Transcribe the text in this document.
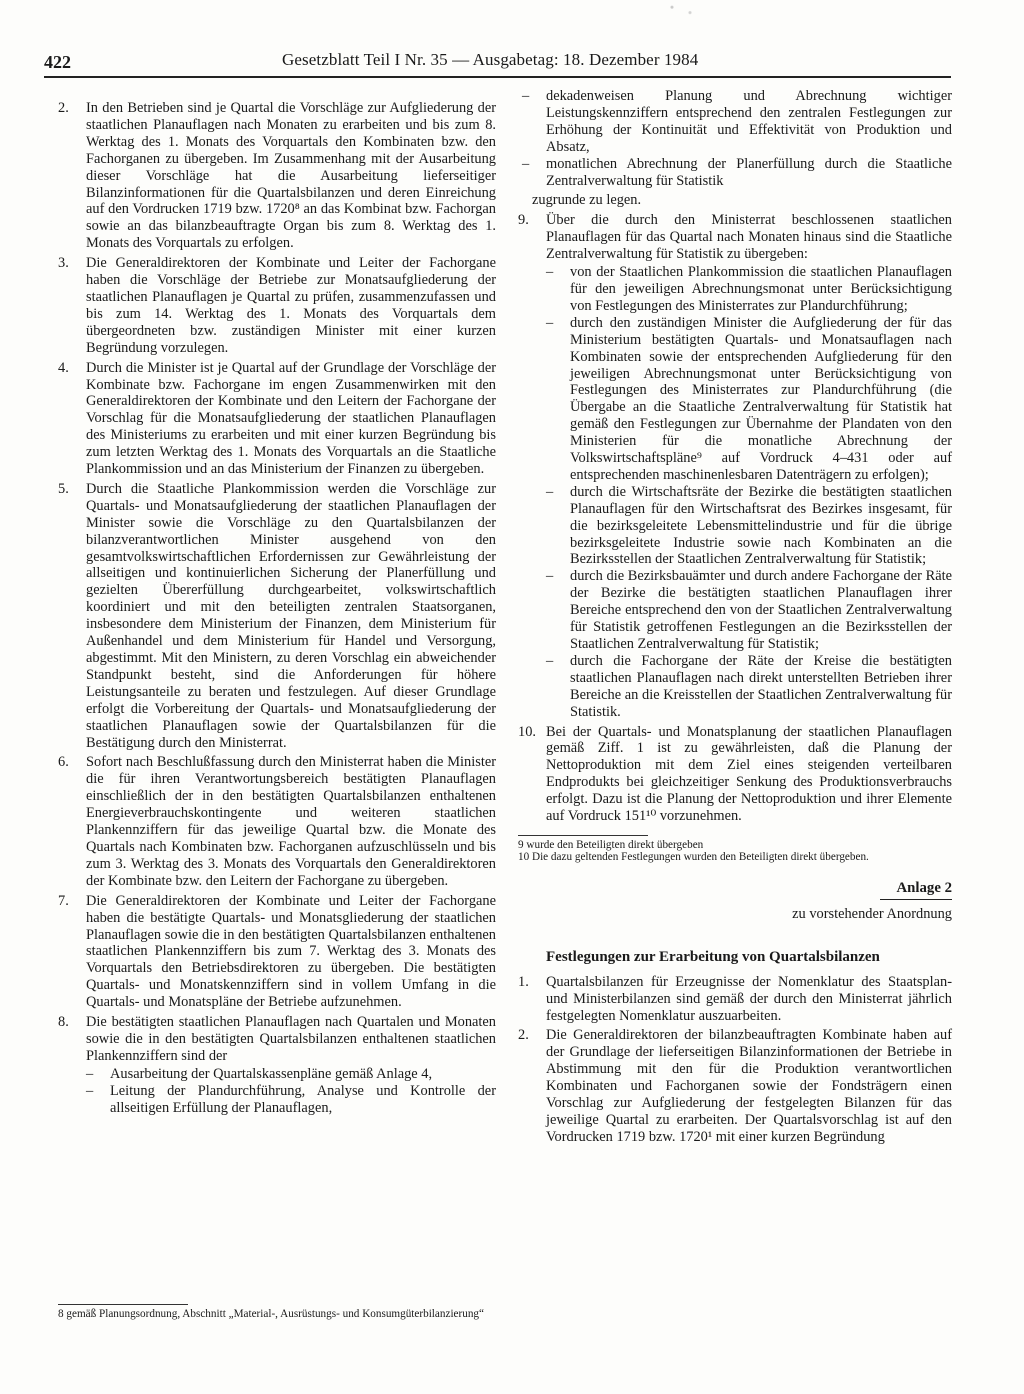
422	Gesetzblatt Teil I Nr. 35 — Ausgabetag: 18. Dezember 1984
2. In den Betrieben sind je Quartal die Vorschläge zur Aufgliederung der staatlichen Planauflagen nach Monaten zu erarbeiten und bis zum 8. Werktag des 1. Monats des Vorquartals den Kombinaten bzw. den Fachorganen zu übergeben. Im Zusammenhang mit der Ausarbeitung dieser Vorschläge hat die Ausarbeitung lieferseitiger Bilanzinformationen für die Quartalsbilanzen und deren Einreichung auf den Vordrucken 1719 bzw. 1720⁸ an das Kombinat bzw. Fachorgan sowie an das bilanzbeauftragte Organ bis zum 8. Werktag des 1. Monats des Vorquartals zu erfolgen.

3. Die Generaldirektoren der Kombinate und Leiter der Fachorgane haben die Vorschläge der Betriebe zur Monatsaufgliederung der staatlichen Planauflagen je Quartal zu prüfen, zusammenzufassen und bis zum 14. Werktag des 1. Monats des Vorquartals dem übergeordneten bzw. zuständigen Minister mit einer kurzen Begründung vorzulegen.

4. Durch die Minister ist je Quartal auf der Grundlage der Vorschläge der Kombinate bzw. Fachorgane im engen Zusammenwirken mit den Generaldirektoren der Kombinate und den Leitern der Fachorgane der Vorschlag für die Monatsaufgliederung der staatlichen Planauflagen des Ministeriums zu erarbeiten und mit einer kurzen Begründung bis zum letzten Werktag des 1. Monats des Vorquartals an die Staatliche Plankommission und an das Ministerium der Finanzen zu übergeben.

5. Durch die Staatliche Plankommission werden die Vorschläge zur Quartals- und Monatsaufgliederung der staatlichen Planauflagen der Minister sowie die Vorschläge zu den Quartalsbilanzen der bilanzverantwortlichen Minister ausgehend von den gesamtvolkswirtschaftlichen Erfordernissen zur Gewährleistung der allseitigen und kontinuierlichen Sicherung der Planerfüllung und gezielten Übererfüllung durchgearbeitet, volkswirtschaftlich koordiniert und mit den beteiligten zentralen Staatsorganen, insbesondere dem Ministerium der Finanzen, dem Ministerium für Außenhandel und dem Ministerium für Handel und Versorgung, abgestimmt. Mit den Ministern, zu deren Vorschlag ein abweichender Standpunkt besteht, sind die Anforderungen für höhere Leistungsanteile zu beraten und festzulegen. Auf dieser Grundlage erfolgt die Vorbereitung der Quartals- und Monatsaufgliederung der staatlichen Planauflagen sowie der Quartalsbilanzen für die Bestätigung durch den Ministerrat.

6. Sofort nach Beschlußfassung durch den Ministerrat haben die Minister die für ihren Verantwortungsbereich bestätigten Planauflagen einschließlich der in den bestätigten Quartalsbilanzen enthaltenen Energieverbrauchskontingente und weiteren staatlichen Plankennziffern für das jeweilige Quartal bzw. die Monate des Quartals nach Kombinaten bzw. Fachorganen aufzuschlüsseln und bis zum 3. Werktag des 3. Monats des Vorquartals den Generaldirektoren der Kombinate bzw. den Leitern der Fachorgane zu übergeben.

7. Die Generaldirektoren der Kombinate und Leiter der Fachorgane haben die bestätigte Quartals- und Monatsgliederung der staatlichen Planauflagen sowie die in den bestätigten Quartalsbilanzen enthaltenen staatlichen Plankennziffern bis zum 7. Werktag des 3. Monats des Vorquartals den Betriebsdirektoren zu übergeben. Die bestätigten Quartals- und Monatskennziffern sind in vollem Umfang in die Quartals- und Monatspläne der Betriebe aufzunehmen.

8. Die bestätigten staatlichen Planauflagen nach Quartalen und Monaten sowie die in den bestätigten Quartalsbilanzen enthaltenen staatlichen Plankennziffern sind der

– Ausarbeitung der Quartalskassenpläne gemäß Anlage 4,
– Leitung der Plandurchführung, Analyse und Kontrolle der allseitigen Erfüllung der Planauflagen,

8 gemäß Planungsordnung, Abschnitt „Material-, Ausrüstungs- und Konsumgüterbilanzierung“

– dekadenweisen Planung und Abrechnung wichtiger Leistungskennziffern entsprechend den zentralen Festlegungen zur Erhöhung der Kontinuität und Effektivität von Produktion und Absatz,
– monatlichen Abrechnung der Planerfüllung durch die Staatliche Zentralverwaltung für Statistik

zugrunde zu legen.

9. Über die durch den Ministerrat beschlossenen staatlichen Planauflagen für das Quartal nach Monaten hinaus sind die Staatliche Zentralverwaltung für Statistik zu übergeben:

– von der Staatlichen Plankommission die staatlichen Planauflagen für den jeweiligen Abrechnungsmonat unter Berücksichtigung von Festlegungen des Ministerrates zur Plandurchführung;
– durch den zuständigen Minister die Aufgliederung der für das Ministerium bestätigten Quartals- und Monatsauflagen nach Kombinaten sowie der entsprechenden Aufgliederung für den jeweiligen Abrechnungsmonat unter Berücksichtigung von Festlegungen des Ministerrates zur Plandurchführung (die Übergabe an die Staatliche Zentralverwaltung für Statistik hat gemäß den Festlegungen zur Übernahme der Plandaten von den Ministerien für die monatliche Abrechnung der Volkswirtschaftspläne⁹ auf Vordruck 4–431 oder auf entsprechenden maschinenlesbaren Datenträgern zu erfolgen);
– durch die Wirtschaftsräte der Bezirke die bestätigten staatlichen Planauflagen für den Wirtschaftsrat des Bezirkes insgesamt, für die bezirksgeleitete Lebensmittelindustrie und für die übrige bezirksgeleitete Industrie sowie nach Kombinaten an die Bezirksstellen der Staatlichen Zentralverwaltung für Statistik;
– durch die Bezirksbauämter und durch andere Fachorgane der Räte der Bezirke die bestätigten staatlichen Planauflagen ihrer Bereiche entsprechend den von der Staatlichen Zentralverwaltung für Statistik getroffenen Festlegungen an die Bezirksstellen der Staatlichen Zentralverwaltung für Statistik;
– durch die Fachorgane der Räte der Kreise die bestätigten staatlichen Planauflagen nach direkt unterstellten Betrieben ihrer Bereiche an die Kreisstellen der Staatlichen Zentralverwaltung für Statistik.
10. Bei der Quartals- und Monatsplanung der staatlichen Planauflagen gemäß Ziff. 1 ist zu gewährleisten, daß die Planung der Nettoproduktion mit dem Ziel eines steigenden verteilbaren Endprodukts bei gleichzeitiger Senkung des Produktionsverbrauchs erfolgt. Dazu ist die Planung der Nettoproduktion und ihrer Elemente auf Vordruck 151¹⁰ vorzunehmen.

9 wurde den Beteiligten direkt übergeben

10 Die dazu geltenden Festlegungen wurden den Beteiligten direkt übergeben.

Anlage 2
zu vorstehender Anordnung
Festlegungen zur Erarbeitung von Quartalsbilanzen
1. Quartalsbilanzen für Erzeugnisse der Nomenklatur des Staatsplan- und Ministerbilanzen sind gemäß der durch den Ministerrat jährlich festgelegten Nomenklatur auszuarbeiten.

2. Die Generaldirektoren der bilanzbeauftragten Kombinate haben auf der Grundlage der lieferseitigen Bilanzinformationen der Betriebe in Abstimmung mit den für die Produktion verantwortlichen Kombinaten und Fachorganen sowie der Fondsträgern einen Vorschlag zur Aufgliederung der festgelegten Bilanzen für das jeweilige Quartal zu erarbeiten. Der Quartalsvorschlag ist auf den Vordrucken 1719 bzw. 1720¹ mit einer kurzen Begründung
